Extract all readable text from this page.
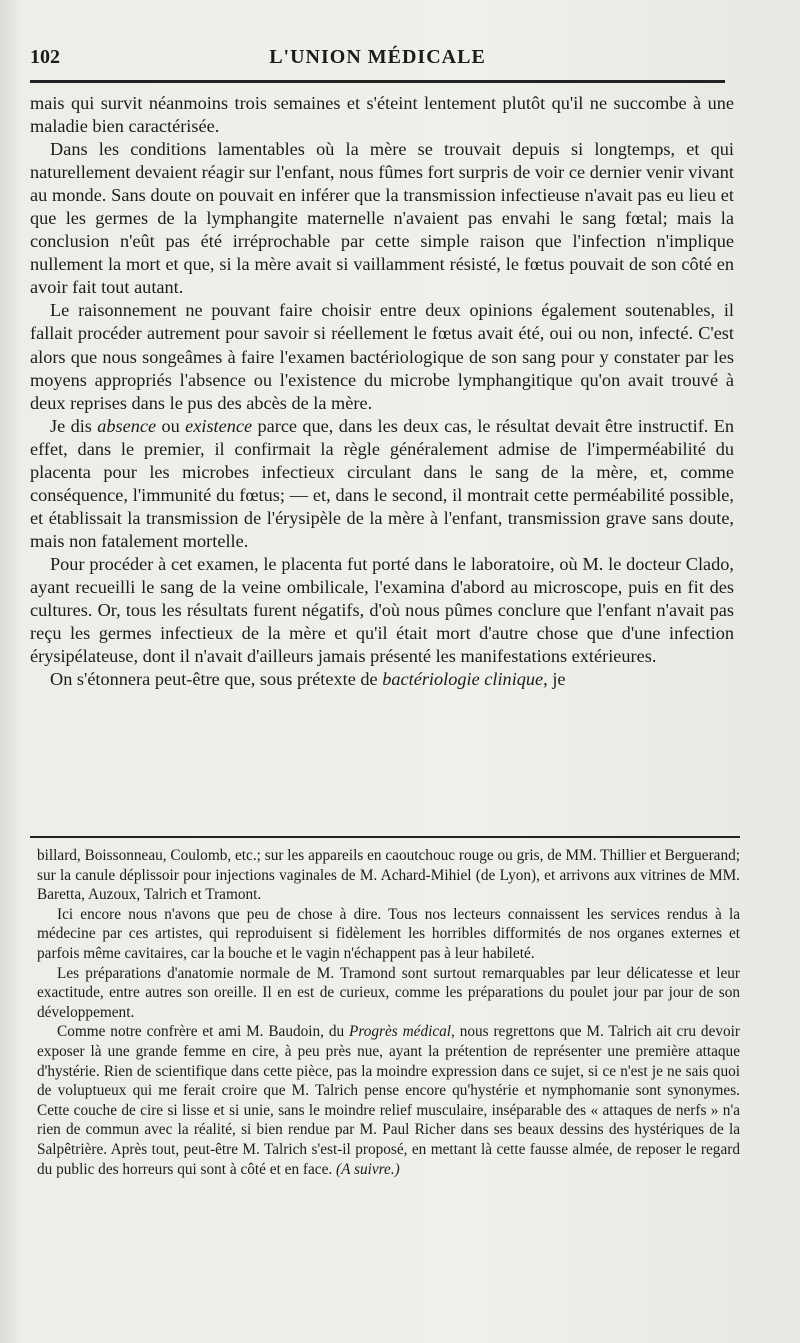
102	L'UNION MÉDICALE

mais qui survit néanmoins trois semaines et s'éteint lentement plutôt qu'il ne succombe à une maladie bien caractérisée.

Dans les conditions lamentables où la mère se trouvait depuis si longtemps, et qui naturellement devaient réagir sur l'enfant, nous fûmes fort surpris de voir ce dernier venir vivant au monde. Sans doute on pouvait en inférer que la transmission infectieuse n'avait pas eu lieu et que les germes de la lymphangite maternelle n'avaient pas envahi le sang fœtal; mais la conclusion n'eût pas été irréprochable par cette simple raison que l'infection n'implique nullement la mort et que, si la mère avait si vaillamment résisté, le fœtus pouvait de son côté en avoir fait tout autant.

Le raisonnement ne pouvant faire choisir entre deux opinions également soutenables, il fallait procéder autrement pour savoir si réellement le fœtus avait été, oui ou non, infecté. C'est alors que nous songeâmes à faire l'examen bactériologique de son sang pour y constater par les moyens appropriés l'absence ou l'existence du microbe lymphangitique qu'on avait trouvé à deux reprises dans le pus des abcès de la mère.

Je dis absence ou existence parce que, dans les deux cas, le résultat devait être instructif. En effet, dans le premier, il confirmait la règle généralement admise de l'imperméabilité du placenta pour les microbes infectieux circulant dans le sang de la mère, et, comme conséquence, l'immunité du fœtus; — et, dans le second, il montrait cette perméabilité possible, et établissait la transmission de l'érysipèle de la mère à l'enfant, transmission grave sans doute, mais non fatalement mortelle.

Pour procéder à cet examen, le placenta fut porté dans le laboratoire, où M. le docteur Clado, ayant recueilli le sang de la veine ombilicale, l'examina d'abord au microscope, puis en fit des cultures. Or, tous les résultats furent négatifs, d'où nous pûmes conclure que l'enfant n'avait pas reçu les germes infectieux de la mère et qu'il était mort d'autre chose que d'une infection érysipélateuse, dont il n'avait d'ailleurs jamais présenté les manifestations extérieures.

On s'étonnera peut-être que, sous prétexte de bactériologie clinique, je

billard, Boissonneau, Coulomb, etc.; sur les appareils en caoutchouc rouge ou gris, de MM. Thillier et Berguerand; sur la canule déplissoir pour injections vaginales de M. Achard-Mihiel (de Lyon), et arrivons aux vitrines de MM. Baretta, Auzoux, Talrich et Tramont.

Ici encore nous n'avons que peu de chose à dire. Tous nos lecteurs connaissent les services rendus à la médecine par ces artistes, qui reproduisent si fidèlement les horribles difformités de nos organes externes et parfois même cavitaires, car la bouche et le vagin n'échappent pas à leur habileté.

Les préparations d'anatomie normale de M. Tramond sont surtout remarquables par leur délicatesse et leur exactitude, entre autres son oreille. Il en est de curieux, comme les préparations du poulet jour par jour de son développement.

Comme notre confrère et ami M. Baudoin, du Progrès médical, nous regrettons que M. Talrich ait cru devoir exposer là une grande femme en cire, à peu près nue, ayant la prétention de représenter une première attaque d'hystérie. Rien de scientifique dans cette pièce, pas la moindre expression dans ce sujet, si ce n'est je ne sais quoi de voluptueux qui me ferait croire que M. Talrich pense encore qu'hystérie et nymphomanie sont synonymes. Cette couche de cire si lisse et si unie, sans le moindre relief musculaire, inséparable des « attaques de nerfs » n'a rien de commun avec la réalité, si bien rendue par M. Paul Richer dans ses beaux dessins des hystériques de la Salpêtrière. Après tout, peut-être M. Talrich s'est-il proposé, en mettant là cette fausse almée, de reposer le regard du public des horreurs qui sont à côté et en face. (A suivre.)
